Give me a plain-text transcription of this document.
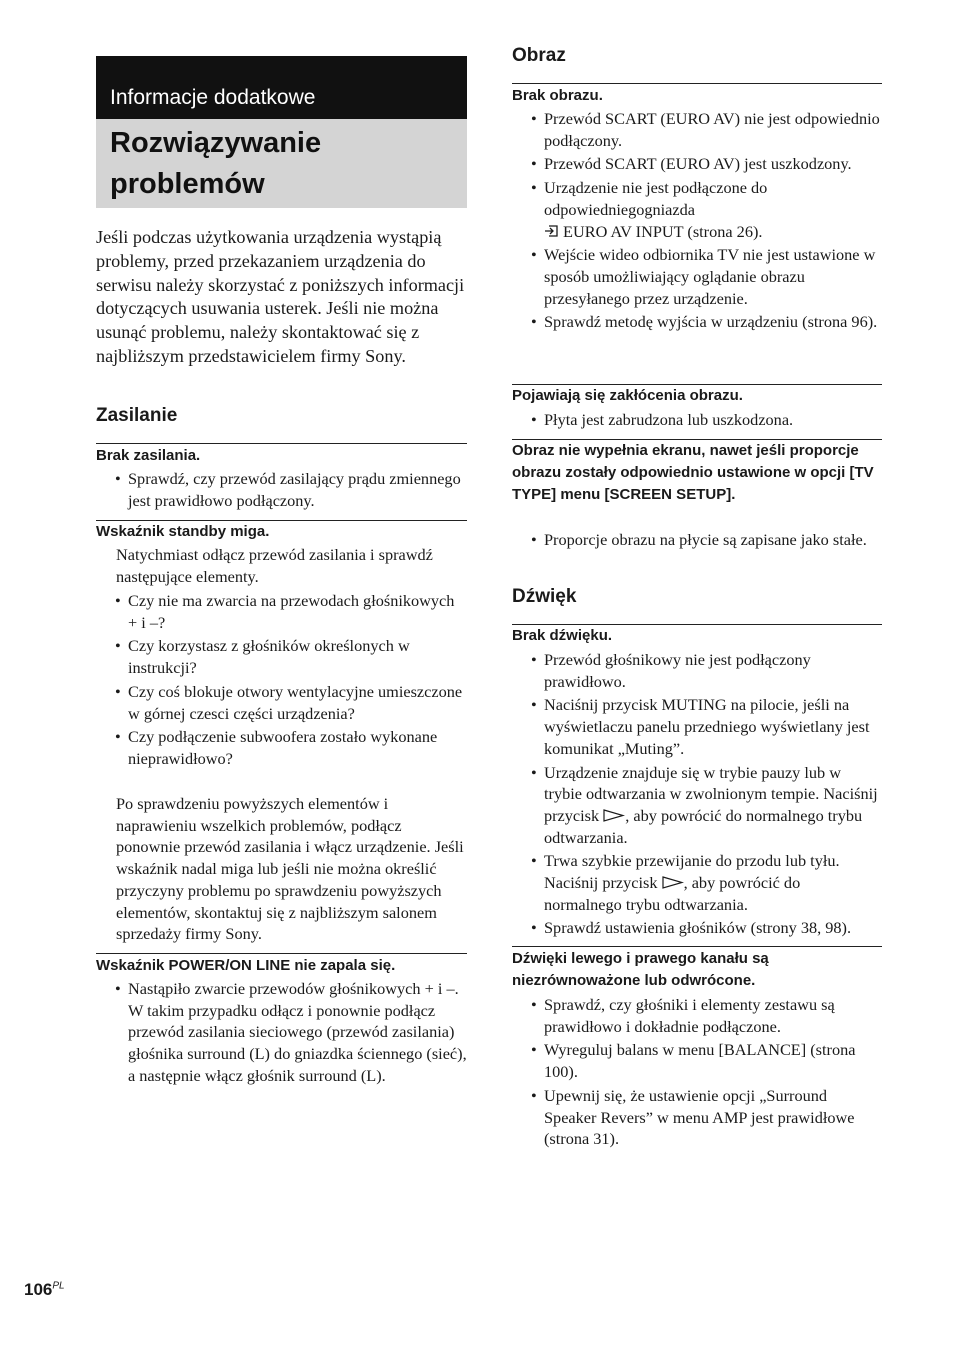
Informacje dodatkowe
Rozwiązywanie
problemów
Jeśli podczas użytkowania urządzenia wystąpią problemy, przed przekazaniem urządzenia do serwisu należy skorzystać z poniższych informacji dotyczących usuwania usterek. Jeśli nie można usunąć problemu, należy skontaktować się z najbliższym przedstawicielem firmy Sony.
Zasilanie
Brak zasilania.
• Sprawdź, czy przewód zasilający prądu zmiennego jest prawidłowo podłączony.
Wskaźnik standby miga.
Natychmiast odłącz przewód zasilania i sprawdź następujące elementy.
• Czy nie ma zwarcia na przewodach głośnikowych + i –?
• Czy korzystasz z głośników określonych w instrukcji?
• Czy coś blokuje otwory wentylacyjne umieszczone w górnej czesci części urządzenia?
• Czy podłączenie subwoofera zostało wykonane nieprawidłowo?
Po sprawdzeniu powyższych elementów i naprawieniu wszelkich problemów, podłącz ponownie przewód zasilania i włącz urządzenie. Jeśli wskaźnik nadal miga lub jeśli nie można określić przyczyny problemu po sprawdzeniu powyższych elementów, skontaktuj się z najbliższym salonem sprzedaży firmy Sony.
Wskaźnik POWER/ON LINE nie zapala się.
• Nastąpiło zwarcie przewodów głośnikowych + i –. W takim przypadku odłącz i ponownie podłącz przewód zasilania sieciowego (przewód zasilania) głośnika surround (L) do gniazdka ściennego (sieć), a następnie włącz głośnik surround (L).
Obraz
Brak obrazu.
• Przewód SCART (EURO AV) nie jest odpowiednio podłączony.
• Przewód SCART (EURO AV) jest uszkodzony.
• Urządzenie nie jest podłączone do odpowiedniegogniazda
EURO AV INPUT (strona 26).
• Wejście wideo odbiornika TV nie jest ustawione w sposób umożliwiający oglądanie obrazu przesyłanego przez urządzenie.
• Sprawdź metodę wyjścia w urządzeniu (strona 96).
Pojawiają się zakłócenia obrazu.
• Płyta jest zabrudzona lub uszkodzona.
Obraz nie wypełnia ekranu, nawet jeśli proporcje obrazu zostały odpowiednio ustawione w opcji [TV TYPE] menu [SCREEN SETUP].
• Proporcje obrazu na płycie są zapisane jako stałe.
Dźwięk
Brak dźwięku.
• Przewód głośnikowy nie jest podłączony prawidłowo.
• Naciśnij przycisk MUTING na pilocie, jeśli na wyświetlaczu panelu przedniego wyświetlany jest komunikat „Muting”.
• Urządzenie znajduje się w trybie pauzy lub w trybie odtwarzania w zwolnionym tempie. Naciśnij przycisk , aby powrócić do normalnego trybu odtwarzania.
• Trwa szybkie przewijanie do przodu lub tyłu. Naciśnij przycisk , aby powrócić do normalnego trybu odtwarzania.
• Sprawdź ustawienia głośników (strony 38, 98).
Dźwięki lewego i prawego kanału są niezrównoważone lub odwrócone.
• Sprawdź, czy głośniki i elementy zestawu są prawidłowo i dokładnie podłączone.
• Wyreguluj balans w menu [BALANCE] (strona 100).
• Upewnij się, że ustawienie opcji „Surround Speaker Revers” w menu AMP jest prawidłowe (strona 31).
$106^{PL}$
